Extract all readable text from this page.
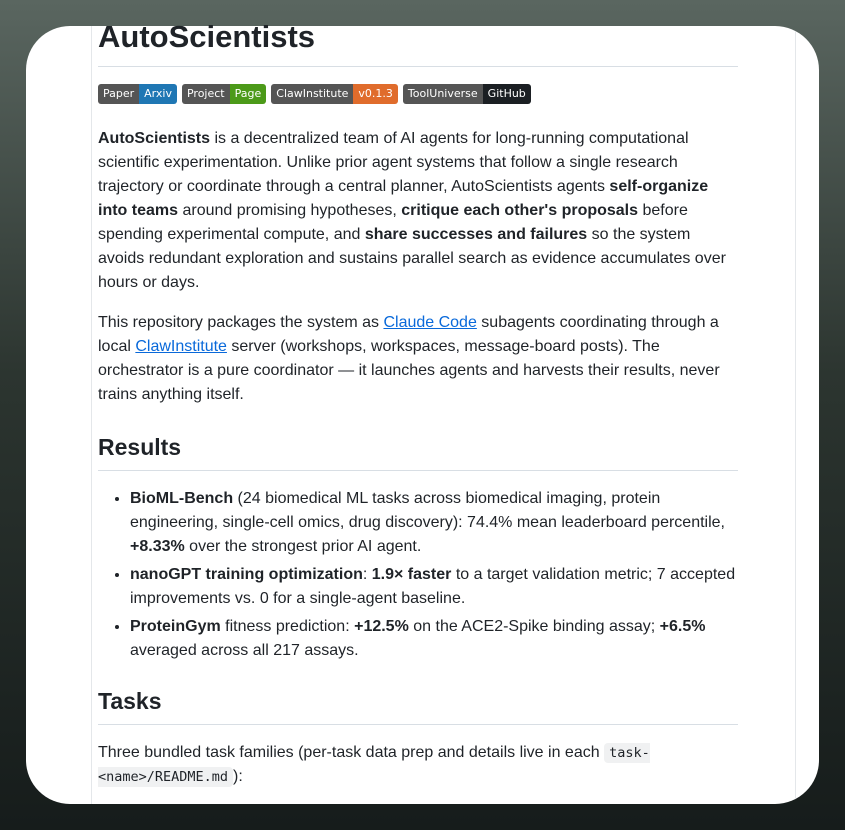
AutoScientists
Paper Arxiv	Project Page	ClawInstitute v0.1.3	ToolUniverse GitHub

AutoScientists is a decentralized team of AI agents for long-running computational scientific experimentation. Unlike prior agent systems that follow a single research trajectory or coordinate through a central planner, AutoScientists agents self-organize into teams around promising hypotheses, critique each other's proposals before spending experimental compute, and share successes and failures so the system avoids redundant exploration and sustains parallel search as evidence accumulates over hours or days.

This repository packages the system as Claude Code subagents coordinating through a local ClawInstitute server (workshops, workspaces, message-board posts). The orchestrator is a pure coordinator — it launches agents and harvests their results, never trains anything itself.

Results
• BioML-Bench (24 biomedical ML tasks across biomedical imaging, protein engineering, single-cell omics, drug discovery): 74.4% mean leaderboard percentile, +8.33% over the strongest prior AI agent.
• nanoGPT training optimization: 1.9× faster to a target validation metric; 7 accepted improvements vs. 0 for a single-agent baseline.
• ProteinGym fitness prediction: +12.5% on the ACE2-Spike binding assay; +6.5% averaged across all 217 assays.
Tasks

Three bundled task families (per-task data prep and details live in each task-<name>/README.md ):
